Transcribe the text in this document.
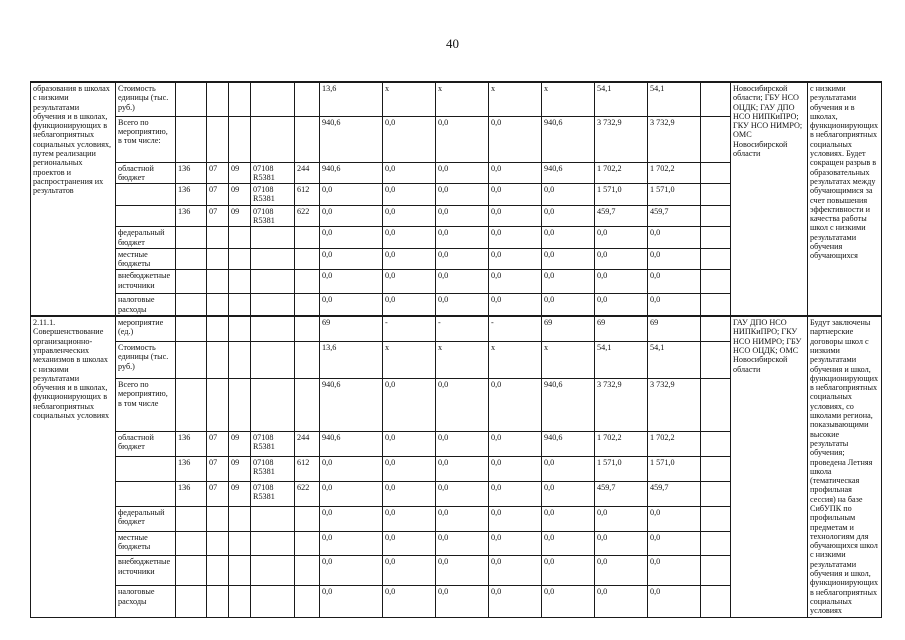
40
образования в школах с низкими результатами обучения и в школах, функционирующих в неблагоприятных социальных условиях, путем реализации региональных проектов и распространения их результатов	Стоимость единицы (тыс. руб.)						13,6	x	x	x	x	54,1	54,1		Новосибирской области; ГБУ НСО ОЦДК; ГАУ ДПО НСО НИПКиПРО; ГКУ НСО НИМРО; ОМС Новосибирской области	с низкими результатами обучения и в школах, функционирующих в неблагоприятных социальных условиях. Будет сокращен разрыв в образовательных результатах между обучающимися за счет повышения эффективности и качества работы школ с низкими результатами обучения обучающихся
	Всего по мероприятию, в том числе:						940,6	0,0	0,0	0,0	940,6	3 732,9	3 732,9			
	областной бюджет	136	07	09	07108 R5381	244	940,6	0,0	0,0	0,0	940,6	1 702,2	1 702,2			
		136	07	09	07108 R5381	612	0,0	0,0	0,0	0,0	0,0	1 571,0	1 571,0			
		136	07	09	07108 R5381	622	0,0	0,0	0,0	0,0	0,0	459,7	459,7			
	федеральный бюджет						0,0	0,0	0,0	0,0	0,0	0,0	0,0			
	местные бюджеты						0,0	0,0	0,0	0,0	0,0	0,0	0,0			
	внебюджетные источники						0,0	0,0	0,0	0,0	0,0	0,0	0,0			
	налоговые расходы						0,0	0,0	0,0	0,0	0,0	0,0	0,0			
2.11.1. Совершенствование организационно-управленческих механизмов в школах с низкими результатами обучения и в школах, функционирующих в неблагоприятных социальных условиях	мероприятие (ед.)						69	-	-	-	69	69	69		ГАУ ДПО НСО НИПКиПРО; ГКУ НСО НИМРО; ГБУ НСО ОЦДК; ОМС Новосибирской области	Будут заключены партнерские договоры школ с низкими результатами обучения и школ, функционирующих в неблагоприятных социальных условиях, со школами региона, показывающими высокие результаты обучения; проведена Летняя школа (тематическая профильная сессия) на базе СибУПК по профильным предметам и технологиям для обучающихся школ с низкими результатами обучения и школ, функционирующих в неблагоприятных социальных условиях
	Стоимость единицы (тыс. руб.)						13,6	x	x	x	x	54,1	54,1			
	Всего по мероприятию, в том числе						940,6	0,0	0,0	0,0	940,6	3 732,9	3 732,9			
	областной бюджет	136	07	09	07108 R5381	244	940,6	0,0	0,0	0,0	940,6	1 702,2	1 702,2			
		136	07	09	07108 R5381	612	0,0	0,0	0,0	0,0	0,0	1 571,0	1 571,0			
		136	07	09	07108 R5381	622	0,0	0,0	0,0	0,0	0,0	459,7	459,7			
	федеральный бюджет						0,0	0,0	0,0	0,0	0,0	0,0	0,0			
	местные бюджеты						0,0	0,0	0,0	0,0	0,0	0,0	0,0			
	внебюджетные источники						0,0	0,0	0,0	0,0	0,0	0,0	0,0			
	налоговые расходы						0,0	0,0	0,0	0,0	0,0	0,0	0,0			
